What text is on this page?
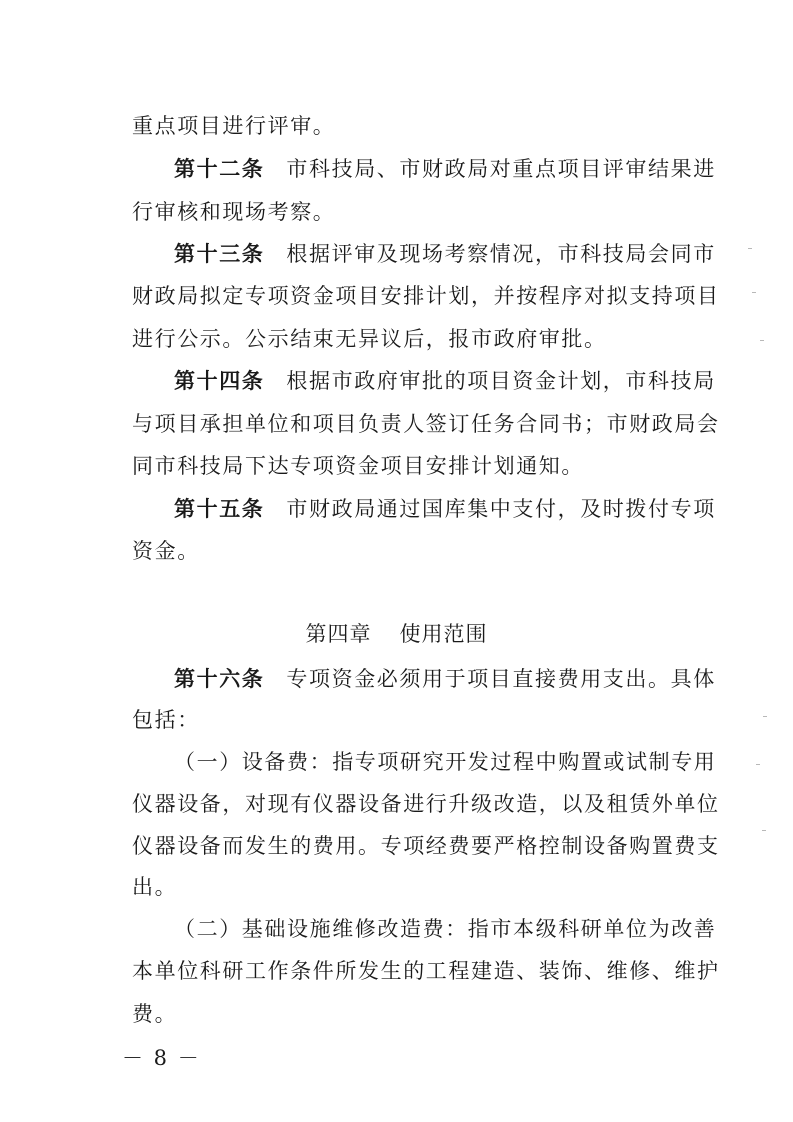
重点项目进行评审。
第十二条 市科技局、市财政局对重点项目评审结果进
行审核和现场考察。
第十三条 根据评审及现场考察情况，市科技局会同市
财政局拟定专项资金项目安排计划，并按程序对拟支持项目
进行公示。公示结束无异议后，报市政府审批。
第十四条 根据市政府审批的项目资金计划，市科技局
与项目承担单位和项目负责人签订任务合同书；市财政局会
同市科技局下达专项资金项目安排计划通知。
第十五条 市财政局通过国库集中支付，及时拨付专项
资金。
第四章 使用范围
第十六条 专项资金必须用于项目直接费用支出。具体
包括：
（一）设备费：指专项研究开发过程中购置或试制专用
仪器设备，对现有仪器设备进行升级改造，以及租赁外单位
仪器设备而发生的费用。专项经费要严格控制设备购置费支
出。
（二）基础设施维修改造费：指市本级科研单位为改善
本单位科研工作条件所发生的工程建造、装饰、维修、维护
费。
－ 8 －
